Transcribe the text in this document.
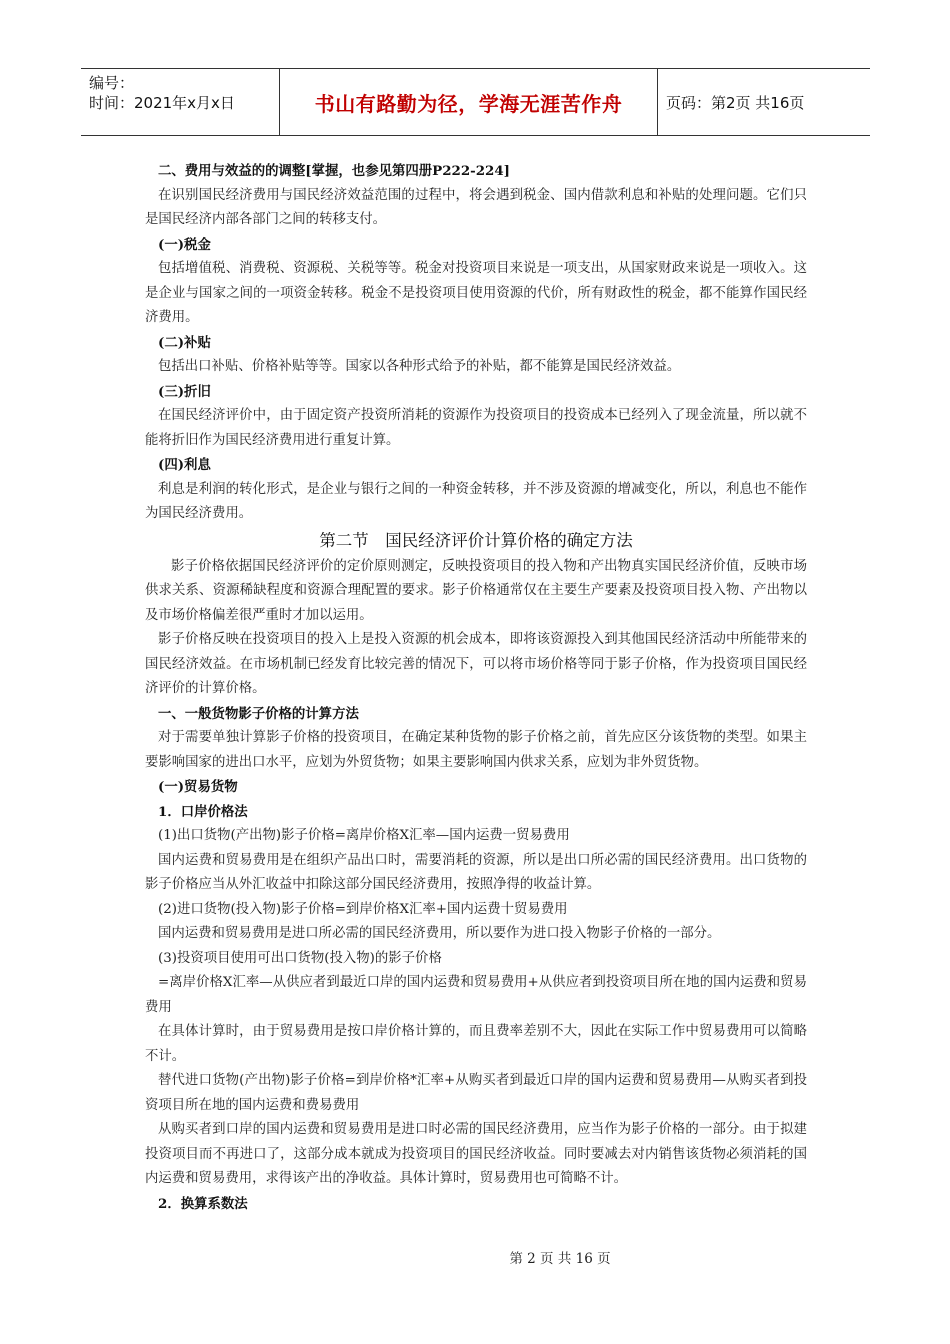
编号：
时间：2021年x月x日	书山有路勤为径，学海无涯苦作舟	页码：第2页 共16页

二、费用与效益的的调整[掌握，也参见第四册P222-224]

在识别国民经济费用与国民经济效益范围的过程中，将会遇到税金、国内借款利息和补贴的处理问题。它们只是国民经济内部各部门之间的转移支付。

(一)税金

包括增值税、消费税、资源税、关税等等。税金对投资项目来说是一项支出，从国家财政来说是一项收入。这是企业与国家之间的一项资金转移。税金不是投资项目使用资源的代价，所有财政性的税金，都不能算作国民经济费用。

(二)补贴

包括出口补贴、价格补贴等等。国家以各种形式给予的补贴，都不能算是国民经济效益。

(三)折旧

在国民经济评价中，由于固定资产投资所消耗的资源作为投资项目的投资成本已经列入了现金流量，所以就不能将折旧作为国民经济费用进行重复计算。

(四)利息

利息是利润的转化形式，是企业与银行之间的一种资金转移，并不涉及资源的增减变化，所以，利息也不能作为国民经济费用。

第二节　国民经济评价计算价格的确定方法

影子价格依据国民经济评价的定价原则测定，反映投资项目的投入物和产出物真实国民经济价值，反映市场供求关系、资源稀缺程度和资源合理配置的要求。影子价格通常仅在主要生产要素及投资项目投入物、产出物以及市场价格偏差很严重时才加以运用。

影子价格反映在投资项目的投入上是投入资源的机会成本，即将该资源投入到其他国民经济活动中所能带来的国民经济效益。在市场机制已经发育比较完善的情况下，可以将市场价格等同于影子价格，作为投资项目国民经济评价的计算价格。

一、一般货物影子价格的计算方法

对于需要单独计算影子价格的投资项目，在确定某种货物的影子价格之前，首先应区分该货物的类型。如果主要影响国家的进出口水平，应划为外贸货物；如果主要影响国内供求关系，应划为非外贸货物。

(一)贸易货物

1．口岸价格法

(1)出口货物(产出物)影子价格=离岸价格X汇率—国内运费一贸易费用

国内运费和贸易费用是在组织产品出口时，需要消耗的资源，所以是出口所必需的国民经济费用。出口货物的影子价格应当从外汇收益中扣除这部分国民经济费用，按照净得的收益计算。

(2)进口货物(投入物)影子价格=到岸价格X汇率+国内运费十贸易费用

国内运费和贸易费用是进口所必需的国民经济费用，所以要作为进口投入物影子价格的一部分。

(3)投资项目使用可出口货物(投入物)的影子价格

=离岸价格X汇率—从供应者到最近口岸的国内运费和贸易费用+从供应者到投资项目所在地的国内运费和贸易费用

在具体计算时，由于贸易费用是按口岸价格计算的，而且费率差别不大，因此在实际工作中贸易费用可以简略不计。

替代进口货物(产出物)影子价格=到岸价格*汇率+从购买者到最近口岸的国内运费和贸易费用—从购买者到投资项目所在地的国内运费和费易费用

从购买者到口岸的国内运费和贸易费用是进口时必需的国民经济费用，应当作为影子价格的一部分。由于拟建投资项目而不再进口了，这部分成本就成为投资项目的国民经济收益。同时要减去对内销售该货物必须消耗的国内运费和贸易费用，求得该产出的净收益。具体计算时，贸易费用也可简略不计。

2．换算系数法

第 2 页 共 16 页
